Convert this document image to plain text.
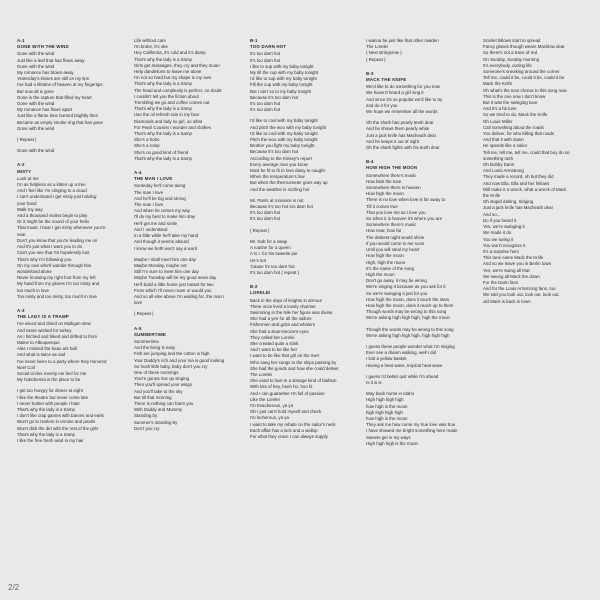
A-1
GONE WITH THE WIND
Gone with the wind
Just like a leaf that has flown away
Gone with the wind
My romance has blown away
Yesterday's kisses are still on my lips
I've had a lifetime of heaven at my fingertips
But now all is gone
Gone is the rapture that filled my heart
Gone with the wind
My romance has flown apart
Just like a flame lone burned brightly then
Became an empty smoke ring that has gone
Gone with the wind
( Repeat )
Gone with the wind
A-2
MISTY
Look at me
I'm as helpless as a kitten up a tree
And I feel like I'm clinging to a cloud
I can't understand I get misty just holding
your hand
Walk my way
And a thousand violins begin to play
Or it might be the sound of your hello
That music I hear I get misty whenever you're
near
Don't you know that you're leading me on
And it's just what I want you to do
Can't you see that I'm hopelessly lost
That's why I'm following you
On my own who'll wander through this
wonderland alone
Never knowing my right foot from my left
My hand from my gloves I'm too misty and
too much in love
Too misty and too misty, too much in love
A-3
THE LADY IS A TRAMP
I've wined and dined on Mulligan stew
And never wished for turkey
As I hitched and hiked and drifted to from
Maine to Albuquerque
Alas I missed the beau ark ball
And what is twice as sad
I've never been to a party where they honored
Noel Coil
Social circles merely me feel for me
My hobohemia is the place to be
I get too hungry for dinner at eight
I like the theatre but never come late
I never bother with people I hate
That's why the lady is a tramp
I don't like crap games with barons and earls
Won't go to Harlem in ermine and pearls
Won't dish the dirt with the rest of the girls
That's why the lady is a tramp
I like the free fresh wind in my hair
Life without care
I'm broke, it's oke
Hey California, it's cold and it's damp
That's why the lady is a tramp
Girls get massages, they cry and they moan
Help dandelions to leave me alone
I'm not so hard but my shape is my own
That's why the lady is a tramp
The head and complexity is perfect, no doubt
I couldn't tell you the fiction about
Trembling we go and coffee comes out
That's why the lady is a tramp
Use the oil refresh rain in my face
Diamonds and lady so girl, so what
For Pearl Cousins I wonder and clothes
That's why the lady is a tramp
She's a hobo
She's a romp
She's no good kind of friend
That's why the lady is a tramp
A-4
THE MAN I LOVE
Someday he'll come along
The man I love
And he'll be big and strong
The man I love
And when he comes my way
I'll do my best to make him stay
He'll get me and smile
And I understand
In a little while he'll take my hand
And though it seems absurd
I know we both won't say a word
Maybe I shall meet him one day
Maybe Monday, maybe not
Still I'm sure to meet him one day
Maybe Tuesday will be my good news day
He'll build a little home just meant for two
From which I'll never roam or would you
And so all else above I'm waiting for, the man I
love
( Repeat )
A-5
SUMMERTIME
Summertime
And the living is easy
Fish are jumping and the cotton is high
Your Daddy's rich and your ma is good looking
So hush little baby, baby don't you cry
One of these mornings
You're gonna rise up singing
Then you'll spread your wings
And you'll take to the sky
But till that morning
There is nothing can harm you
With Daddy and Mummy
Standing by
Summer's standing by
Don't you cry
B-1
TOO DARN HOT
It's too darn hot
It's too darn hot
I like to sup with my baby tonight
My till the cup with my baby tonight
I'd like to sup with my baby tonight
Fill the cup with my baby tonight
But I ain't so to my baby tonight
Because it's too darn hot
It's too darn hot
It's too darn hot
I'd like to cool with my baby tonight
And pitch the woo with my baby tonight
I'd like to cool with my baby tonight
Pitch the woo with my baby tonight
Brother you fight my baby tonight
Because it's too darn hot
According to the Kinsey's report
Every average man you know
Must be fit to fit to love daisy to caught
When the temperature's low
But when the thermometer goes way up
And the weather is sizzling hot
Mr. Pants at romance is not
Because it's too hot too darn hot
It's too darn hot
It's too darn hot
( Repeat )
Mr. Gob for a swap
A routine for a queen
A G.I. for his sweetie pie
He's not
'Cause it's too darn hot
It's too darn hot ( repeat )
B-2
LORELEI
Back in the days of knights in armour
There once lived a lovely charmer
Swimming in the Nile her figure was divine
She had a yen for all the sailors
Fishermen and gobs and whalers
She had a slow-innocent eyes
They called her Lorelei
She created quite a stink
And I want to be like her
I want to be like that girl on the river
Who sang her songs to the ships passing by
She had the goods and how she could deliver
The Lorelei
She used to love in a strange kind of fashion
With lots of hey, heeh ho, hoo hi
And I can guarantee I'm full of passion
Like the Lorelei
I'm treacherous, ya ya
Oh I just can't hold myself and check
I'm lecherous, ya ya
I want to take my rebate on the sailor's neck
Each affair has a kick and a wallop
For what they crave I can always supply
I wanna be just like that other maiden
The Lorelei
( Next stringsrow )
( Repeat )
B-3
MACK THE KNIFE
We'd like to do something for you now
We haven't heard a girl sing it
And since it's so popular we'd like to try
and do it for you
We hope we remember all the words
Oh the shark has pearly teeth dear
And he shows them pearly white
Just a jack knife has Macheath dear
And he keeps it out of sight
Oh the shark fights with his teeth dear
B-4
HOW HIGH THE MOON
Somewhere there's music
How faint the tune
Somewhere there is heaven
How high the moon
There is no love when love is far away to
Till it comes true
That you love me as I love you
So when it is heaven it's where you are
Somewhere there's music
How near, how far
The darkest night would shine
If you would come to me soon
Until you will steal my heart
How high the moon
High, high the moon
It's the name of the song
High the moon
Don't go away, it may be wrong
We're singing it because as you ask for it
So we're swinging it just for you
How high the moon, does it touch the stars
How high the moon, does it reach up to them
Though words may be wrong to this song
We're asking high high high, high the moon
Though the words may be wrong to this song
We're asking high high high, high high high
I guess these people wonder what I'm singing
Ever see a dream walking, well I did
I lost a yellow basket
Having a heat wave, tropical heat wave
I guess I'd better quit while I'm ahead
Is it is is
Way back home in Idaho
High high high high
how high is the moon
high high high high
how high is the moon
They ask me how come my true love was true
I have showed me bright something here made
Sweets get in my ways
High high high is the moon
Scarlet billows start to spread
Fancy gloves though wears Macklow dear
So there's not a trace of red
On Sunday, Sunday morning
It's everybody, oozing life
Someone's sneaking around the corner
Tell me, could it be, could it be, could it be
Mack the Knife
Oh what's the next chorus to this song now
This is the one now I don't know
But it was the swinging tune
And it's a hit tune
So we tried to do, Mack the Knife
Oh Louie Miller
Call something about the roads
You deliver, for who killing that roads
And that it with down
He spends like a sailor
Tell me, tell me, tell me, could that boy do so
something rash
Oh Bobby Darin
And Louis Armstrong
They made a record, oh but they did
And now Ella, Ella and her fellows
Will make it a wreck, what a wreck of Mack
the Knife
Oh stupid darling, Singing
Just a jack knife has Macheath dear
And so...
Do if you heard it
Yes, we're swinging it
We made it do
You we swing it
You won't recognize it
It's a surprise hero
This tune came Mack the Knife
And so we leave you in Berlin town
Yes, we're swing all that
We swung all Mack the down
For the Darin fans
And for the Louis Armstrong fans, too
We told you look out, look out, look out,
old Mack is back in town
2/2
